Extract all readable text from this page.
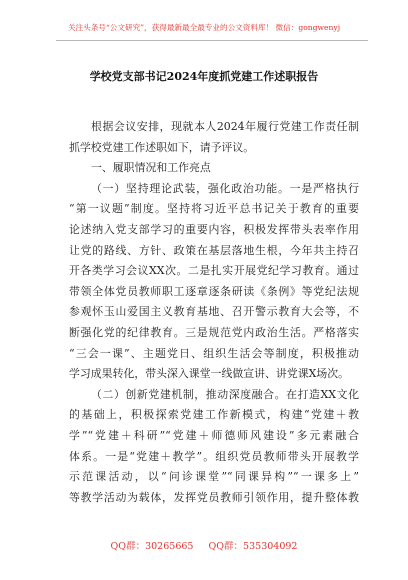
关注头条号“公文研究”，获得最新最全最专业的公文资料库！ 微信：gongwenyj
学校党支部书记2024年度抓党建工作述职报告
根据会议安排，现就本人2024年履行党建工作责任制
抓学校党建工作述职如下，请予评议。
一、履职情况和工作亮点
（一）坚持理论武装，强化政治功能。一是严格执行
“第一议题”制度。坚持将习近平总书记关于教育的重要
论述纳入党支部学习的重要内容，积极发挥带头表率作用
让党的路线、方针、政策在基层落地生根，今年共主持召
开各类学习会议XX次。二是扎实开展党纪学习教育。通过
带领全体党员教师职工逐章逐条研读《条例》等党纪法规
参观怀玉山爱国主义教育基地、召开警示教育大会等，不
断强化党的纪律教育。三是规范党内政治生活。严格落实
“三会一课”、主题党日、组织生活会等制度，积极推动
学习成果转化，带头深入课堂一线做宣讲、讲党课X场次。
（二）创新党建机制，推动深度融合。在打造XX文化
的基础上，积极探索党建工作新模式，构建“党建＋教
学”“党建＋科研”“党建＋师德师风建设”多元素融合
体系。一是“党建＋教学”。组织党员教师带头开展教学
示范课活动，以“问诊课堂”“同课异构”“一课多上”
等教学活动为载体，发挥党员教师引领作用，提升整体教
QQ群：30265665 QQ群：535304092
